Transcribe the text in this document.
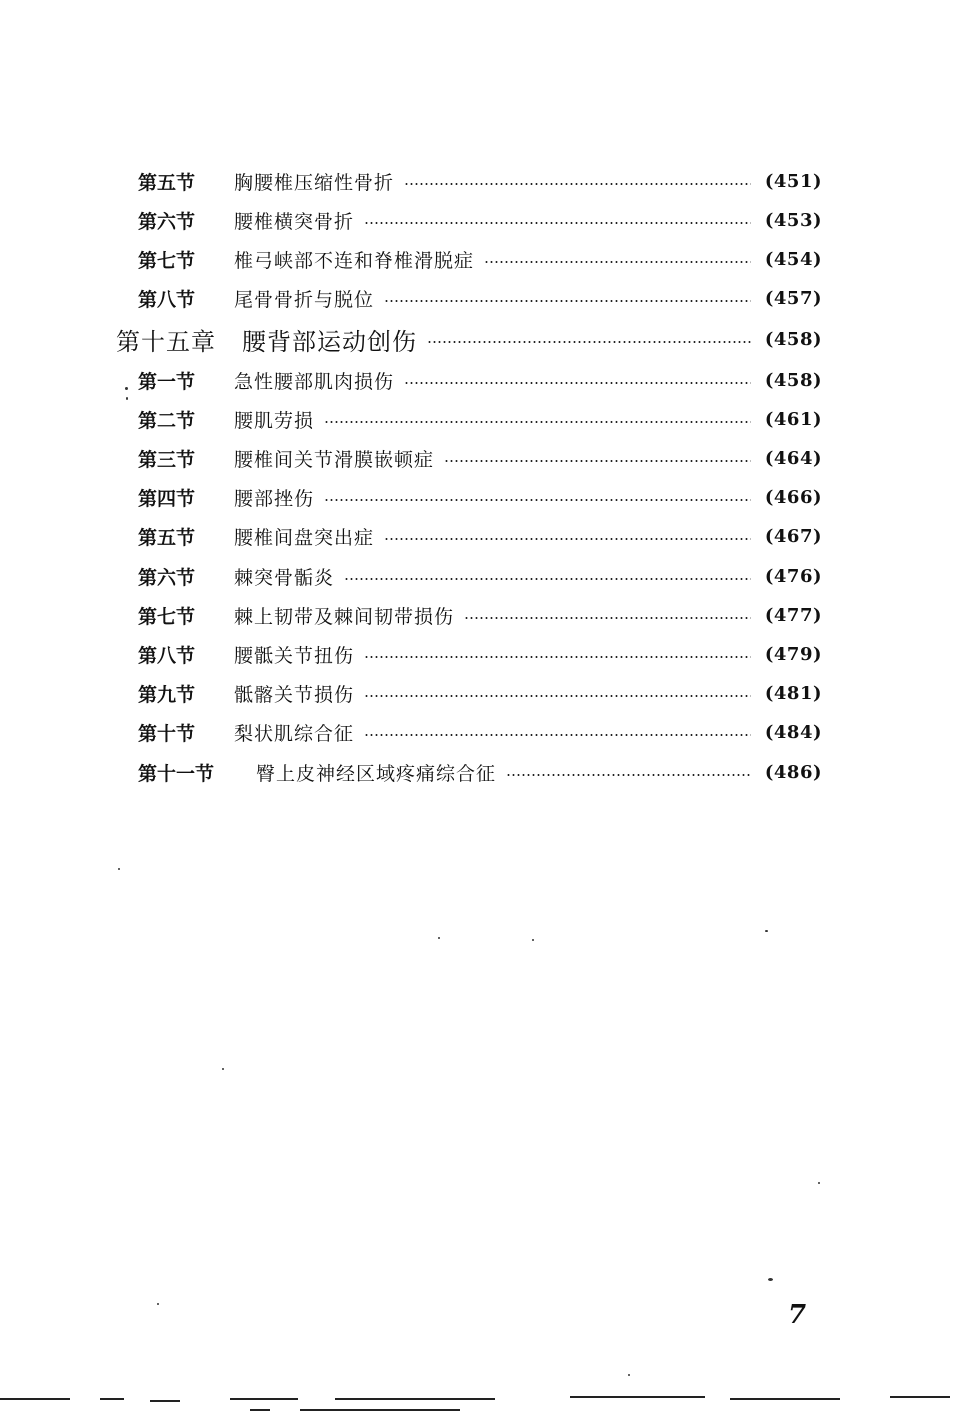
第五节	胸腰椎压缩性骨折	(451)
第六节	腰椎横突骨折	(453)
第七节	椎弓峡部不连和脊椎滑脱症	(454)
第八节	尾骨骨折与脱位	(457)
第十五章	腰背部运动创伤	(458)
第一节	急性腰部肌肉损伤	(458)
第二节	腰肌劳损	(461)
第三节	腰椎间关节滑膜嵌顿症	(464)
第四节	腰部挫伤	(466)
第五节	腰椎间盘突出症	(467)
第六节	棘突骨骺炎	(476)
第七节	棘上韧带及棘间韧带损伤	(477)
第八节	腰骶关节扭伤	(479)
第九节	骶髂关节损伤	(481)
第十节	梨状肌综合征	(484)
第十一节	臀上皮神经区域疼痛综合征	(486)
7
